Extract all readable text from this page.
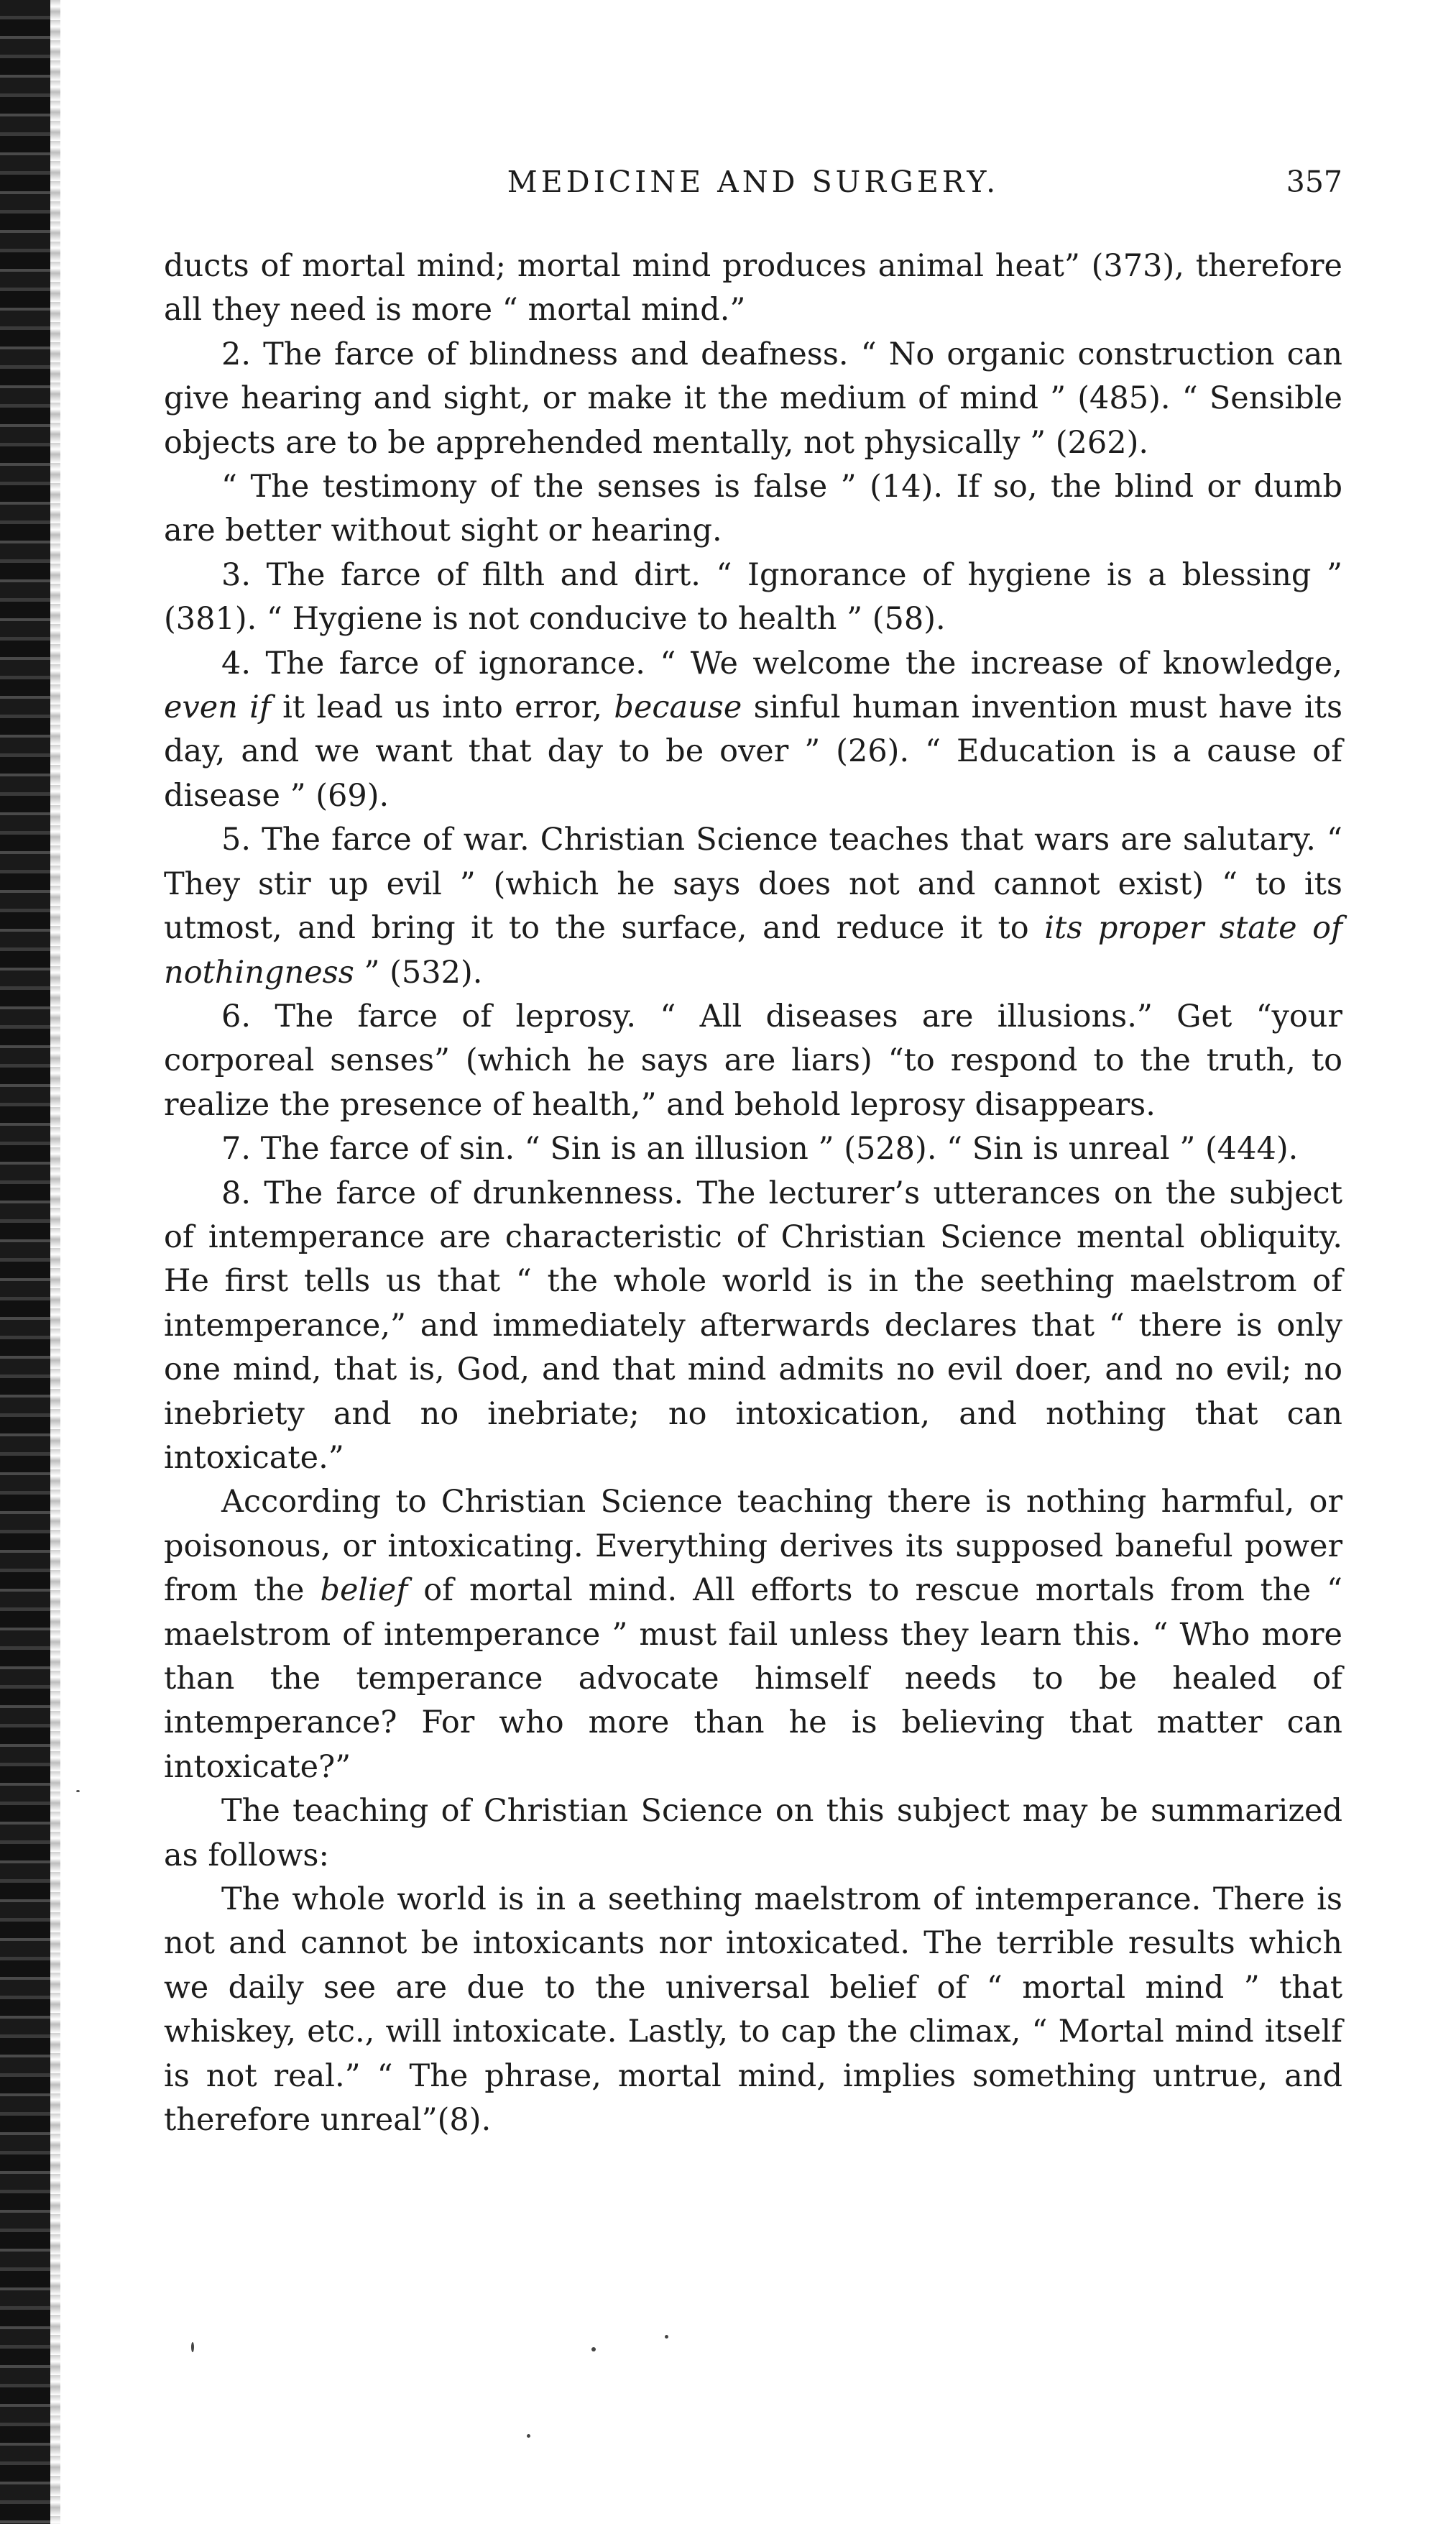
MEDICINE AND SURGERY.	357

ducts of mortal mind; mortal mind produces animal heat” (373), therefore all they need is more “ mortal mind.”

2. The farce of blindness and deafness. “ No organic construction can give hearing and sight, or make it the medium of mind ” (485). “ Sensible objects are to be apprehended mentally, not physically ” (262).

“ The testimony of the senses is false ” (14). If so, the blind or dumb are better without sight or hearing.

3. The farce of filth and dirt. “ Ignorance of hygiene is a blessing ” (381). “ Hygiene is not conducive to health ” (58).

4. The farce of ignorance. “ We welcome the increase of knowledge, even if it lead us into error, because sinful human invention must have its day, and we want that day to be over ” (26). “ Education is a cause of disease ” (69).

5. The farce of war. Christian Science teaches that wars are salutary. “ They stir up evil ” (which he says does not and cannot exist) “ to its utmost, and bring it to the surface, and reduce it to its proper state of nothingness ” (532).

6. The farce of leprosy. “ All diseases are illusions.” Get “your corporeal senses” (which he says are liars) “to respond to the truth, to realize the presence of health,” and behold leprosy disappears.

7. The farce of sin. “ Sin is an illusion ” (528). “ Sin is unreal ” (444).

8. The farce of drunkenness. The lecturer’s utterances on the subject of intemperance are characteristic of Christian Science mental obliquity. He first tells us that “ the whole world is in the seething maelstrom of intemperance,” and immediately afterwards declares that “ there is only one mind, that is, God, and that mind admits no evil doer, and no evil; no inebriety and no inebriate; no intoxication, and nothing that can intoxicate.”

According to Christian Science teaching there is nothing harmful, or poisonous, or intoxicating. Everything derives its supposed baneful power from the belief of mortal mind. All efforts to rescue mortals from the “ maelstrom of intemperance ” must fail unless they learn this. “ Who more than the temperance advocate himself needs to be healed of intemperance? For who more than he is believing that matter can intoxicate?”

The teaching of Christian Science on this subject may be summarized as follows:

The whole world is in a seething maelstrom of intemperance. There is not and cannot be intoxicants nor intoxicated. The terrible results which we daily see are due to the universal belief of “ mortal mind ” that whiskey, etc., will intoxicate. Lastly, to cap the climax, “ Mortal mind itself is not real.” “ The phrase, mortal mind, implies something untrue, and therefore unreal”(8).
